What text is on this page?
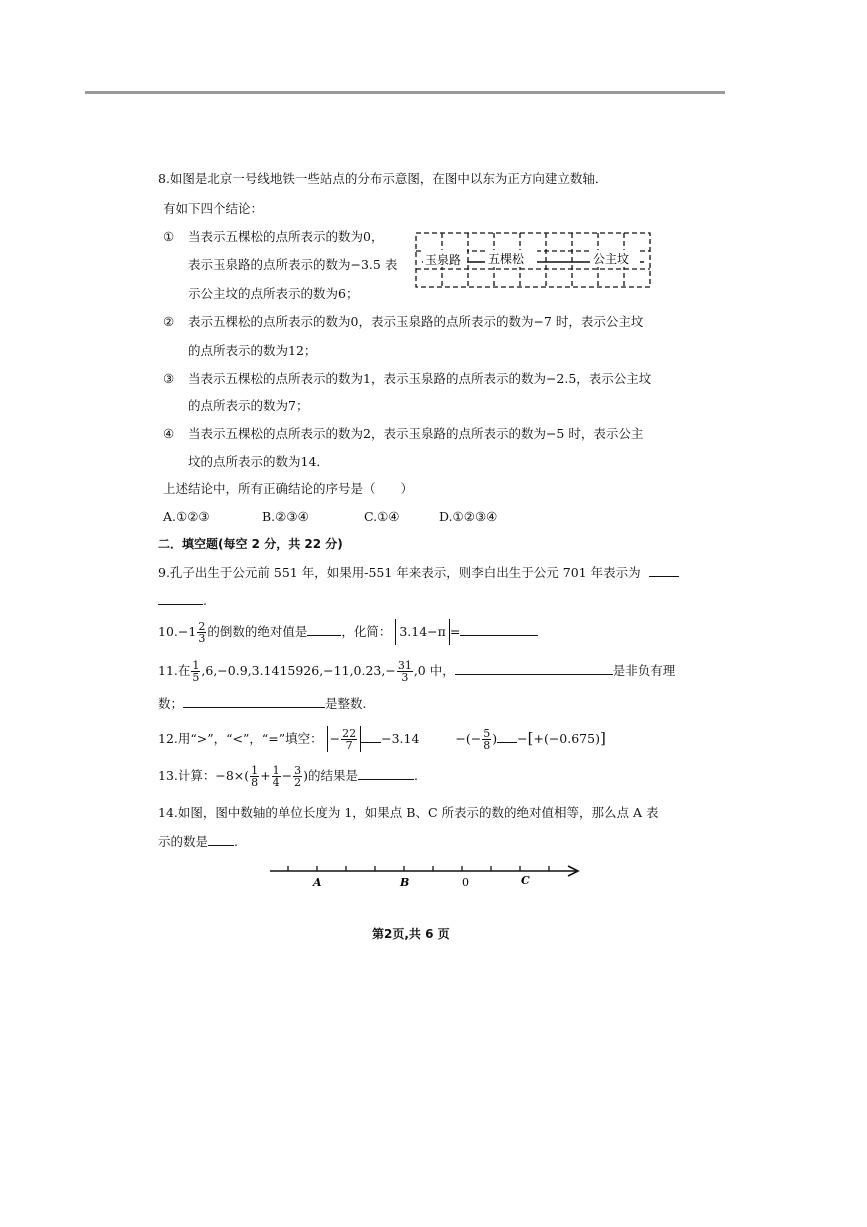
8.如图是北京一号线地铁一些站点的分布示意图，在图中以东为正方向建立数轴．
有如下四个结论：
① 当表示五棵松的点所表示的数为0，
表示玉泉路的点所表示的数为−3.5 表
示公主坟的点所表示的数为6；
玉泉路 五棵松	公主坟
② 表示五棵松的点所表示的数为0，表示玉泉路的点所表示的数为−7 时，表示公主坟
的点所表示的数为12；
③ 当表示五棵松的点所表示的数为1，表示玉泉路的点所表示的数为−2.5，表示公主坟
的点所表示的数为7；
④ 当表示五棵松的点所表示的数为2，表示玉泉路的点所表示的数为−5 时，表示公主
坟的点所表示的数为14．
上述结论中，所有正确结论的序号是（　　）
A.①②③	B.②③④	C.①④	D.①②③④
二．填空题(每空 2 分，共 22 分)
9.孔子出生于公元前 551 年，如果用-551 年来表示，则李白出生于公元 701 年表示为
.
$10.-1 \frac{2}{3}$ 的倒数的绝对值是	，化简： 3.14−π =
11.在 $\frac{1}{5}$ ,6,−0.9,3.1415926,−11,0.23̇,− $\frac{31}{3} ,0$ 中，	是非负有理
数；	是整数.
12.用“>”，“<”，“=”填空： − $\frac{22}{7} -3.14$	−(− $\frac{5}{8}$ ) −[+(−0.675)]
13.计算：$-8\times( \frac{1}{8} + \frac{1}{4} - \frac{3}{2}$ )的结果是	.
14.如图，图中数轴的单位长度为 1，如果点 B、C 所表示的数的绝对值相等，那么点 A 表
示的数是 .
A	B	0	C
第2页,共 6 页
